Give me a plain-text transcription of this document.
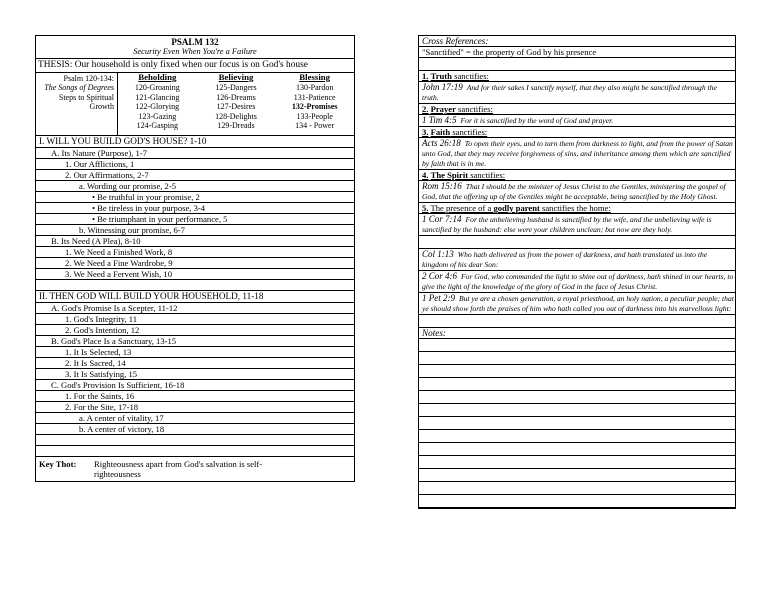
PSALM 132
Security Even When You're a Failure
THESIS: Our household is only fixed when our focus is on God's house
Psalm 120-134:
The Songs of Degrees
Steps to Spiritual
Growth
Beholding
120-Groaning
121-Glancing
122-Glorying
123-Gazing
124-Gasping
Believing
125-Dangers
126-Dreams
127-Desires
128-Delights
129-Dreads
Blessing
130-Pardon
131-Patience
132-Promises
133-People
134 - Power
I. WILL YOU BUILD GOD'S HOUSE? 1-10
A. Its Nature (Purpose), 1-7
1. Our Afflictions, 1
2. Our Affirmations, 2-7
a. Wording our promise, 2-5
• Be truthful in your promise, 2
• Be tireless in your purpose, 3-4
• Be triumphant in your performance, 5
b. Witnessing our promise, 6-7
B. Its Need (A Plea), 8-10
1. We Need a Finished Work, 8
2. We Need a Fine Wardrobe, 9
3. We Need a Fervent Wish, 10
II. THEN GOD WILL BUILD YOUR HOUSEHOLD, 11-18
A. God's Promise Is a Scepter, 11-12
1. God's Integrity, 11
2. God's Intention, 12
B. God's Place Is a Sanctuary, 13-15
1. It Is Selected, 13
2. It Is Sacred, 14
3. It Is Satisfying, 15
C. God's Provision Is Sufficient, 16-18
1. For the Saints, 16
2. For the Site, 17-18
a. A center of vitality, 17
b. A center of victory, 18
Key Thot:	Righteousness apart from God's salvation is self-
righteousness
Cross References:
"Sanctified" = the property of God by his presence
1. Truth sanctifies:
John 17:19 And for their sakes I sanctify myself, that they also might be sanctified through the truth.
2. Prayer sanctifies:
1 Tim 4:5 For it is sanctified by the word of God and prayer.
3. Faith sanctifies:
Acts 26:18 To open their eyes, and to turn them from darkness to light, and from the power of Satan unto God, that they may receive forgiveness of sins, and inheritance among them which are sanctified by faith that is in me.
4. The Spirit sanctifies:
Rom 15:16 That I should be the minister of Jesus Christ to the Gentiles, ministering the gospel of God, that the offering up of the Gentiles might be acceptable, being sanctified by the Holy Ghost.
5. The presence of a godly parent sanctifies the home:
1 Cor 7:14 For the unbelieving husband is sanctified by the wife, and the unbelieving wife is sanctified by the husband: else were your children unclean; but now are they holy.
Col 1:13 Who hath delivered us from the power of darkness, and hath translated us into the kingdom of his dear Son:
2 Cor 4:6 For God, who commanded the light to shine out of darkness, hath shined in our hearts, to give the light of the knowledge of the glory of God in the face of Jesus Christ.
1 Pet 2:9 But ye are a chosen generation, a royal priesthood, an holy nation, a peculiar people; that ye should show forth the praises of him who hath called you out of darkness into his marvellous light:
Notes:
